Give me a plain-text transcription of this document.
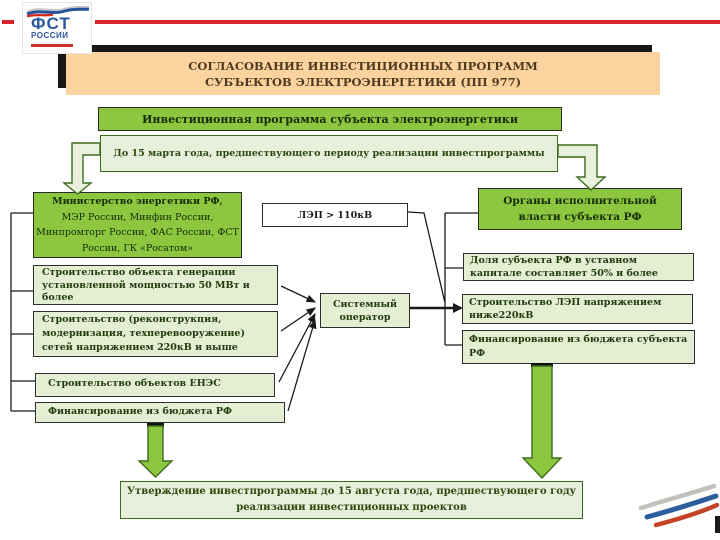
ФСТ
РОССИИ
СОГЛАСОВАНИЕ ИНВЕСТИЦИОННЫХ ПРОГРАММ СУБЪЕКТОВ ЭЛЕКТРОЭНЕРГЕТИКИ (ПП 977)
Инвестиционная программа субъекта электроэнергетики
До 15 марта года, предшествующего периоду реализации инвестпрограммы
Министерство энергетики РФ,
МЭР России, Минфин России, Минпромторг России, ФАС России, ФСТ России, ГК «Росатом»
ЛЭП > 110кВ
Органы исполнительной власти субъекта РФ
Доля субъекта РФ в уставном капитале составляет 50% и более
Строительство объекта генерации установленной мощностью 50 МВт и более
Системный оператор
Строительство ЛЭП напряжением ниже220кВ
Строительство (реконструкция, модернизация, техперевооружение) сетей напряжением 220кВ и выше
Финансирование из бюджета субъекта РФ
Строительство объектов ЕНЭС
Финансирование из бюджета РФ
Утверждение инвестпрограммы до 15 августа года, предшествующего году реализации инвестиционных проектов
